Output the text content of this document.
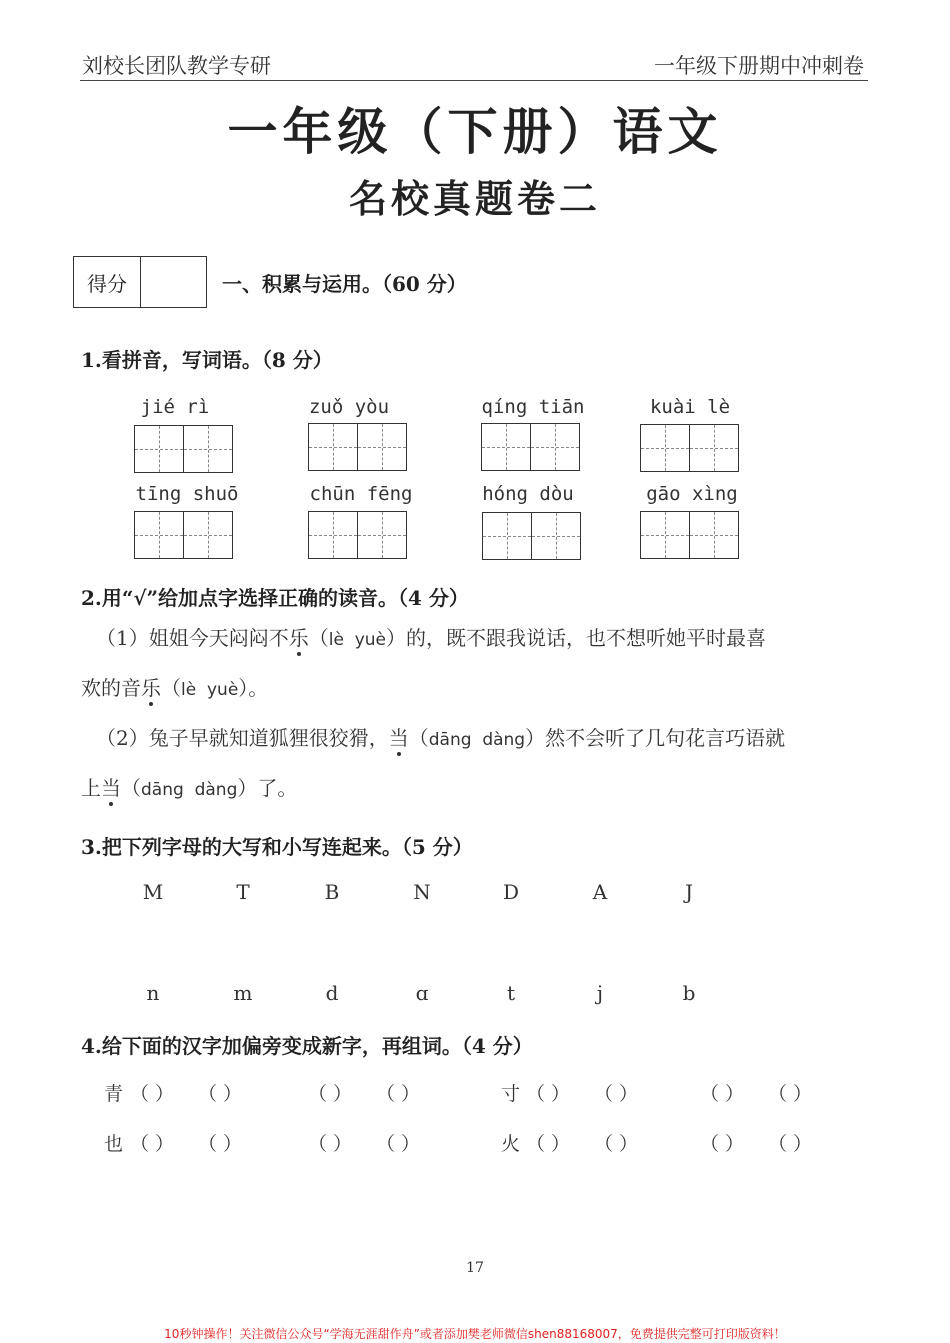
刘校长团队教学专研	一年级下册期中冲刺卷
一年级（下册）语文
名校真题卷二
得分	一、积累与运用。（60 分）
1.看拼音，写词语。（8 分）
jié rì	zuǒ yòu	qíng tiān	kuài lè
tīng shuō	chūn fēng	hóng dòu	gāo xìng
2.用“√”给加点字选择正确的读音。（4 分）
（1）姐姐今天闷闷不乐（lè  yuè）的，既不跟我说话，也不想听她平时最喜
欢的音乐（lè  yuè）。
（2）兔子早就知道狐狸很狡猾，当（dāng  dàng）然不会听了几句花言巧语就
上当（dāng  dàng）了。
3.把下列字母的大写和小写连起来。（5 分）
M	T	B	N	D	A	J
n	m	d	ɑ	t	j	b
4.给下面的汉字加偏旁变成新字，再组词。（4 分）
青 （ ） （ ）	（ ） （ ）	寸 （ ） （ ）	（ ） （ ）
也 （ ） （ ）	（ ） （ ）	火 （ ） （ ）	（ ） （ ）
17
10秒钟操作！关注微信公众号“学海无涯甜作舟”或者添加樊老师微信shen88168007，免费提供完整可打印版资料！
